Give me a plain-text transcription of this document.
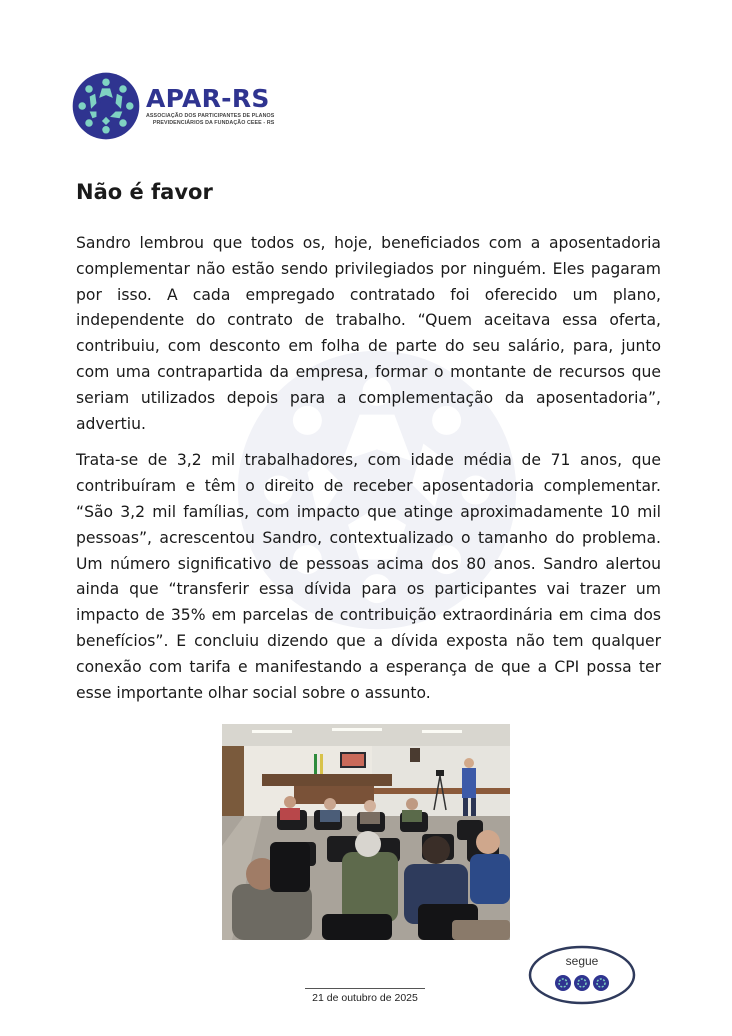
APAR-RS
ASSOCIAÇÃO DOS PARTICIPANTES DE PLANOS
PREVIDENCIÁRIOS DA FUNDAÇÃO CEEE - RS
Não é favor

Sandro lembrou que todos os, hoje, beneficiados com a aposentadoria complementar não estão sendo privilegiados por ninguém. Eles pagaram por isso. A cada empregado contratado foi oferecido um plano, independente do contrato de trabalho. “Quem aceitava essa oferta, contribuiu, com desconto em folha de parte do seu salário, para, junto com uma contrapartida da empresa, formar o montante de recursos que seriam utilizados depois para a complementação da aposentadoria”, advertiu.

Trata-se de 3,2 mil trabalhadores, com idade média de 71 anos, que contribuíram e têm o direito de receber aposentadoria complementar. “São 3,2 mil famílias, com impacto que atinge aproximadamente 10 mil pessoas”, acrescentou Sandro, contextualizado o tamanho do problema. Um número significativo de pessoas acima dos 80 anos. Sandro alertou ainda que “transferir essa dívida para os participantes vai trazer um impacto de 35% em parcelas de contribuição extraordinária em cima dos benefícios”. E concluiu dizendo que a dívida exposta não tem qualquer conexão com tarifa e manifestando a esperança de que a CPI possa ter esse importante olhar social sobre o assunto.

segue
21 de outubro de 2025
